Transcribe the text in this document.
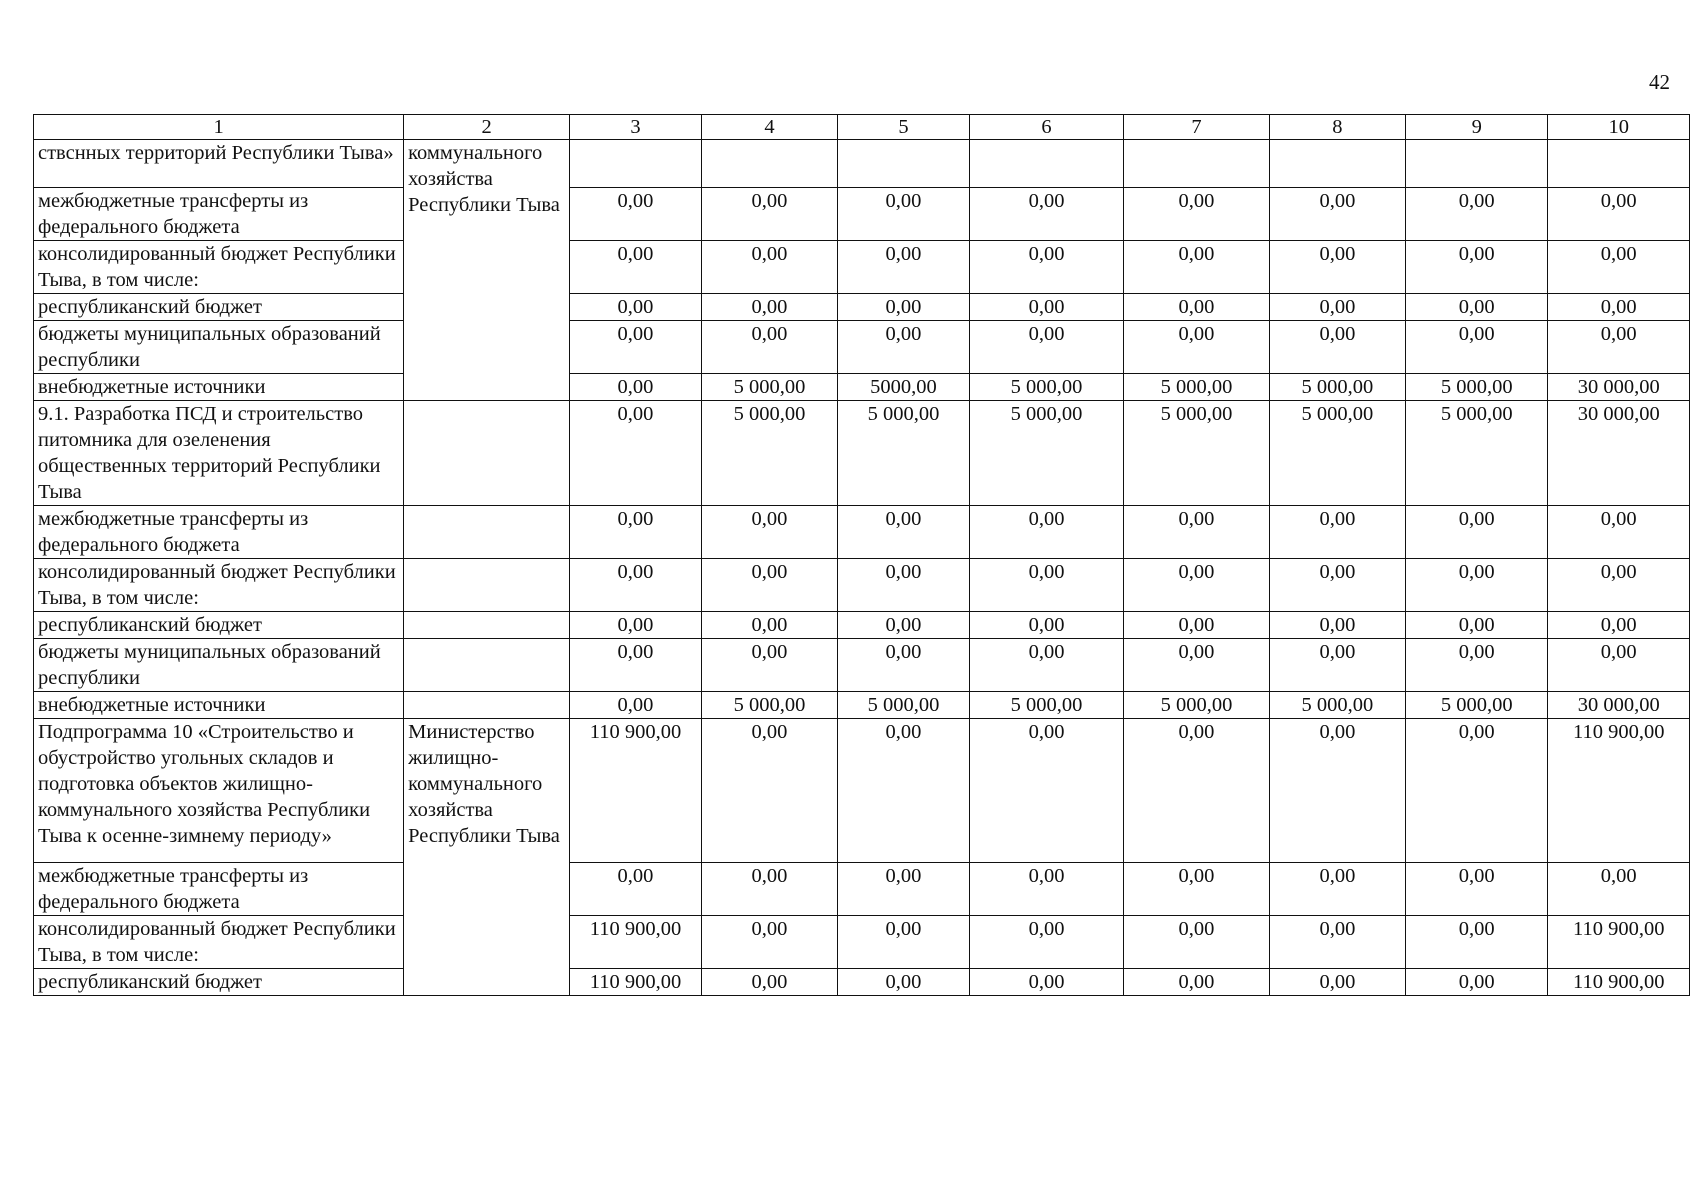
42
1	2	3	4	5	6	7	8	9	10
ствснных территорий Республики Тыва»	коммунального хозяйства Республики Тыва								
межбюджетные трансферты из федерального бюджета		0,00	0,00	0,00	0,00	0,00	0,00	0,00	0,00
консолидированный бюджет Республики Тыва, в том числе:		0,00	0,00	0,00	0,00	0,00	0,00	0,00	0,00
республиканский бюджет		0,00	0,00	0,00	0,00	0,00	0,00	0,00	0,00
бюджеты муниципальных образований республики		0,00	0,00	0,00	0,00	0,00	0,00	0,00	0,00
внебюджетные источники		0,00	5 000,00	5000,00	5 000,00	5 000,00	5 000,00	5 000,00	30 000,00
9.1. Разработка ПСД и строительство питомника для озеленения общественных территорий Республики Тыва		0,00	5 000,00	5 000,00	5 000,00	5 000,00	5 000,00	5 000,00	30 000,00
межбюджетные трансферты из федерального бюджета		0,00	0,00	0,00	0,00	0,00	0,00	0,00	0,00
консолидированный бюджет Республики Тыва, в том числе:		0,00	0,00	0,00	0,00	0,00	0,00	0,00	0,00
республиканский бюджет		0,00	0,00	0,00	0,00	0,00	0,00	0,00	0,00
бюджеты муниципальных образований республики		0,00	0,00	0,00	0,00	0,00	0,00	0,00	0,00
внебюджетные источники		0,00	5 000,00	5 000,00	5 000,00	5 000,00	5 000,00	5 000,00	30 000,00
Подпрограмма 10 «Строительство и обустройство угольных складов и подготовка объектов жилищно-коммунального хозяйства Республики Тыва к осенне-зимнему периоду»	Министерство жилищно-коммунального хозяйства Республики Тыва	110 900,00	0,00	0,00	0,00	0,00	0,00	0,00	110 900,00
межбюджетные трансферты из федерального бюджета		0,00	0,00	0,00	0,00	0,00	0,00	0,00	0,00
консолидированный бюджет Республики Тыва, в том числе:		110 900,00	0,00	0,00	0,00	0,00	0,00	0,00	110 900,00
республиканский бюджет		110 900,00	0,00	0,00	0,00	0,00	0,00	0,00	110 900,00
